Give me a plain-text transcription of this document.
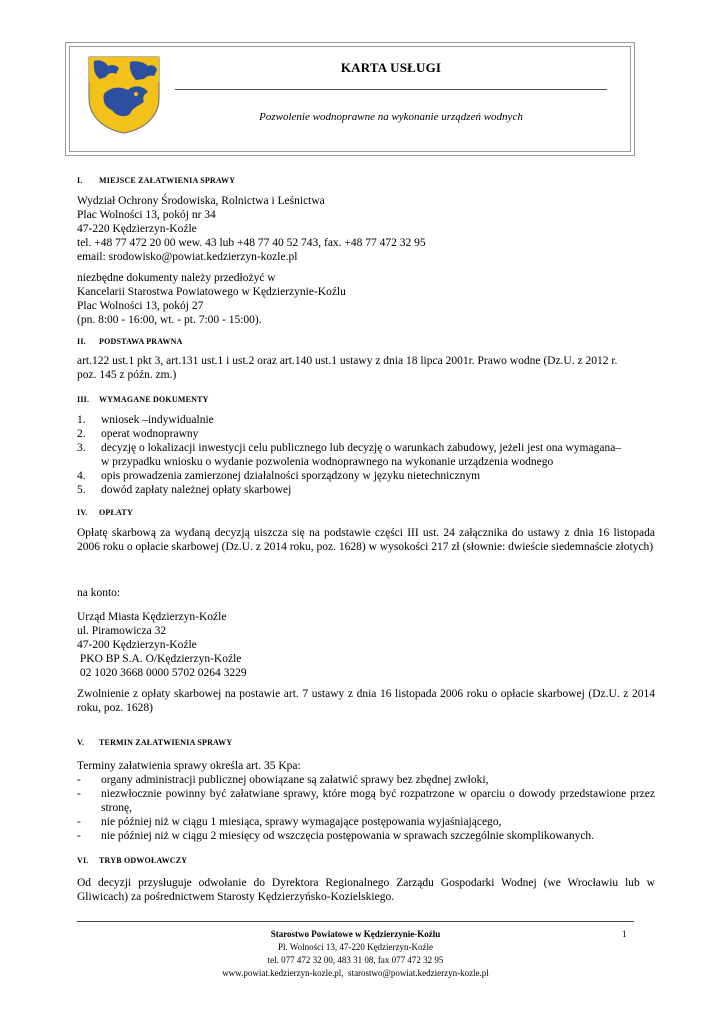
KARTA USŁUGI
Pozwolenie wodnoprawne na wykonanie urządzeń wodnych
I. MIEJSCE ZAŁATWIENIA SPRAWY
Wydział Ochrony Środowiska, Rolnictwa i Leśnictwa
Plac Wolności 13, pokój nr 34
47-220 Kędzierzyn-Koźle
tel. +48 77 472 20 00 wew. 43 lub +48 77 40 52 743, fax. +48 77 472 32 95
email: srodowisko@powiat.kedzierzyn-kozle.pl
niezbędne dokumenty należy przedłożyć w
Kancelarii Starostwa Powiatowego w Kędzierzynie-Koźlu
Plac Wolności 13, pokój 27
(pn. 8:00 - 16:00, wt. - pt. 7:00 - 15:00).
II. PODSTAWA PRAWNA
art.122 ust.1 pkt 3, art.131 ust.1 i ust.2 oraz art.140 ust.1 ustawy z dnia 18 lipca 2001r. Prawo wodne (Dz.U. z 2012 r.
poz. 145 z późn. zm.)
III. WYMAGANE DOKUMENTY
1. wniosek –indywidualnie
2. operat wodnoprawny
3. decyzję o lokalizacji inwestycji celu publicznego lub decyzję o warunkach zabudowy, jeżeli jest ona wymagana–
w przypadku wniosku o wydanie pozwolenia wodnoprawnego na wykonanie urządzenia wodnego
4. opis prowadzenia zamierzonej działalności sporządzony w języku nietechnicznym
5. dowód zapłaty należnej opłaty skarbowej
IV. OPŁATY
Opłatę skarbową za wydaną decyzją uiszcza się na podstawie części III ust. 24 załącznika do ustawy z dnia 16 listopada 2006 roku o opłacie skarbowej (Dz.U. z 2014 roku, poz. 1628) w wysokości 217 zł (słownie: dwieście siedemnaście złotych)
na konto:
Urząd Miasta Kędzierzyn-Koźle
ul. Piramowicza 32
47-200 Kędzierzyn-Koźle
PKO BP S.A. O/Kędzierzyn-Koźle
02 1020 3668 0000 5702 0264 3229
Zwolnienie z opłaty skarbowej na postawie art. 7 ustawy z dnia 16 listopada 2006 roku o opłacie skarbowej (Dz.U. z 2014 roku, poz. 1628)
V. TERMIN ZAŁATWIENIA SPRAWY
Terminy załatwienia sprawy określa art. 35 Kpa:
- organy administracji publicznej obowiązane są załatwić sprawy bez zbędnej zwłoki,
- niezwłocznie powinny być załatwiane sprawy, które mogą być rozpatrzone w oparciu o dowody przedstawione przez stronę,
- nie później niż w ciągu 1 miesiąca, sprawy wymagające postępowania wyjaśniającego,
- nie później niż w ciągu 2 miesięcy od wszczęcia postępowania w sprawach szczególnie skomplikowanych.
VI. TRYB ODWOŁAWCZY
Od decyzji przysługuje odwołanie do Dyrektora Regionalnego Zarządu Gospodarki Wodnej (we Wrocławiu lub w Gliwicach) za pośrednictwem Starosty Kędzierzyńsko-Kozielskiego.
Starostwo Powiatowe w Kędzierzynie-Koźlu	1
Pl. Wolności 13, 47-220 Kędzierzyn-Koźle
tel. 077 472 32 00, 483 31 08, fax 077 472 32 95
www.powiat.kedzierzyn-kozle.pl,  starostwo@powiat.kedzierzyn-kozle.pl
